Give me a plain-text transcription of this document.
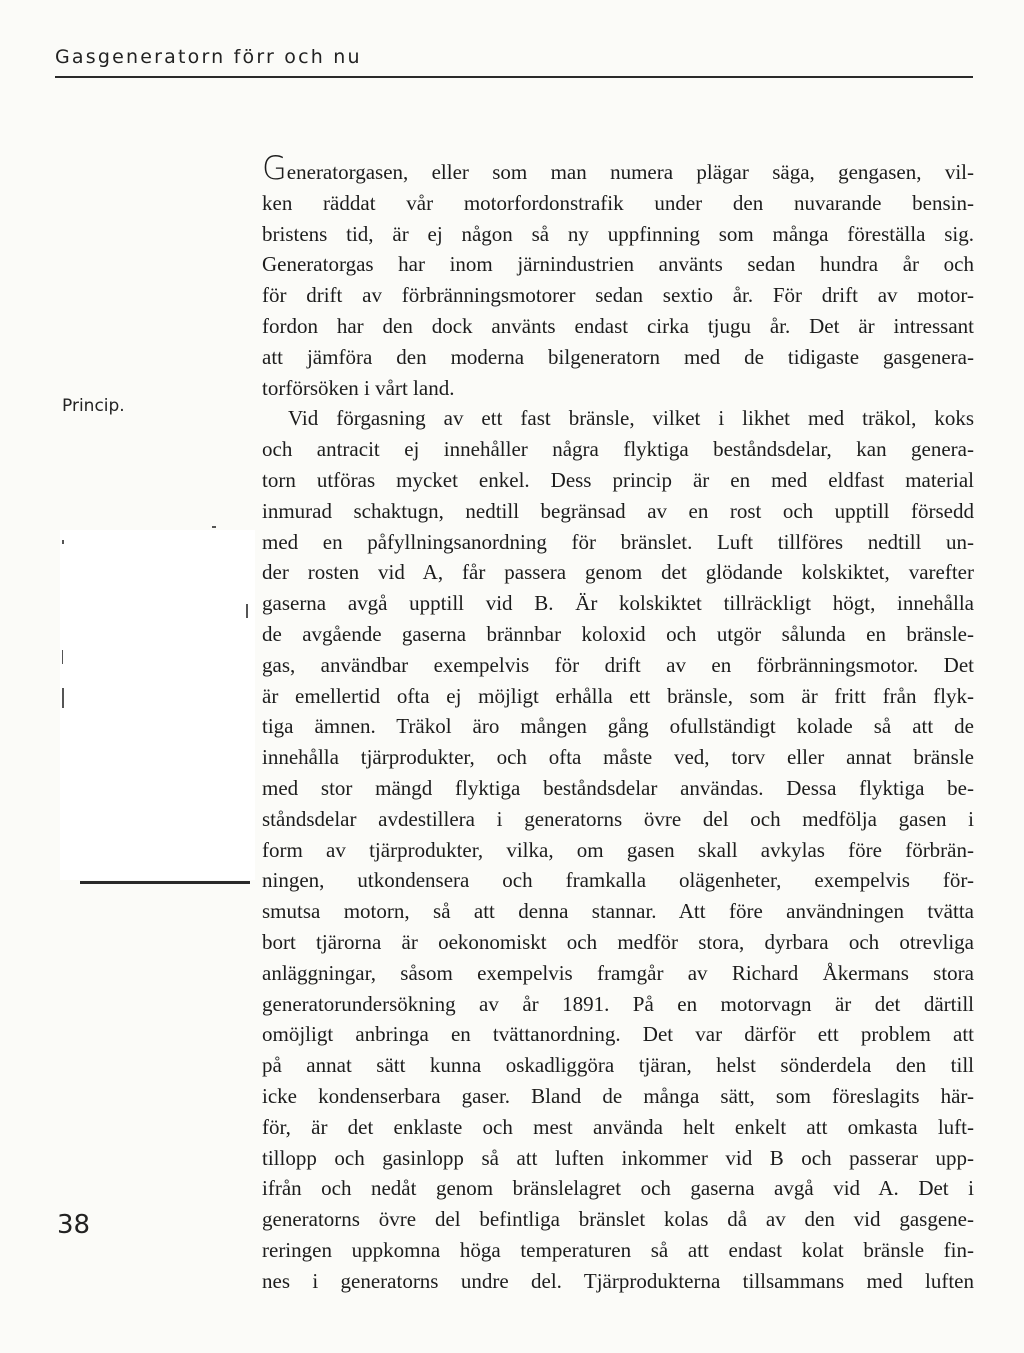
Gasgeneratorn förr och nu
Princip.
38
Generatorgasen, eller som man numera plägar säga, gengasen, vil-
ken räddat vår motorfordonstrafik under den nuvarande bensin-
bristens tid, är ej någon så ny uppfinning som många föreställa sig.
Generatorgas har inom järnindustrien använts sedan hundra år och
för drift av förbränningsmotorer sedan sextio år. För drift av motor-
fordon har den dock använts endast cirka tjugu år. Det är intressant
att jämföra den moderna bilgeneratorn med de tidigaste gasgenera-
torförsöken i vårt land.
Vid förgasning av ett fast bränsle, vilket i likhet med träkol, koks
och antracit ej innehåller några flyktiga beståndsdelar, kan genera-
torn utföras mycket enkel. Dess princip är en med eldfast material
inmurad schaktugn, nedtill begränsad av en rost och upptill försedd
med en påfyllningsanordning för bränslet. Luft tillföres nedtill un-
der rosten vid A, får passera genom det glödande kolskiktet, varefter
gaserna avgå upptill vid B. Är kolskiktet tillräckligt högt, innehålla
de avgående gaserna brännbar koloxid och utgör sålunda en bränsle-
gas, användbar exempelvis för drift av en förbränningsmotor. Det
är emellertid ofta ej möjligt erhålla ett bränsle, som är fritt från flyk-
tiga ämnen. Träkol äro mången gång ofullständigt kolade så att de
innehålla tjärprodukter, och ofta måste ved, torv eller annat bränsle
med stor mängd flyktiga beståndsdelar användas. Dessa flyktiga be-
ståndsdelar avdestillera i generatorns övre del och medfölja gasen i
form av tjärprodukter, vilka, om gasen skall avkylas före förbrän-
ningen, utkondensera och framkalla olägenheter, exempelvis för-
smutsa motorn, så att denna stannar. Att före användningen tvätta
bort tjärorna är oekonomiskt och medför stora, dyrbara och otrevliga
anläggningar, såsom exempelvis framgår av Richard Åkermans stora
generatorundersökning av år 1891. På en motorvagn är det därtill
omöjligt anbringa en tvättanordning. Det var därför ett problem att
på annat sätt kunna oskadliggöra tjäran, helst sönderdela den till
icke kondenserbara gaser. Bland de många sätt, som föreslagits här-
för, är det enklaste och mest använda helt enkelt att omkasta luft-
tillopp och gasinlopp så att luften inkommer vid B och passerar upp-
ifrån och nedåt genom bränslelagret och gaserna avgå vid A. Det i
generatorns övre del befintliga bränslet kolas då av den vid gasgene-
reringen uppkomna höga temperaturen så att endast kolat bränsle fin-
nes i generatorns undre del. Tjärprodukterna tillsammans med luften
